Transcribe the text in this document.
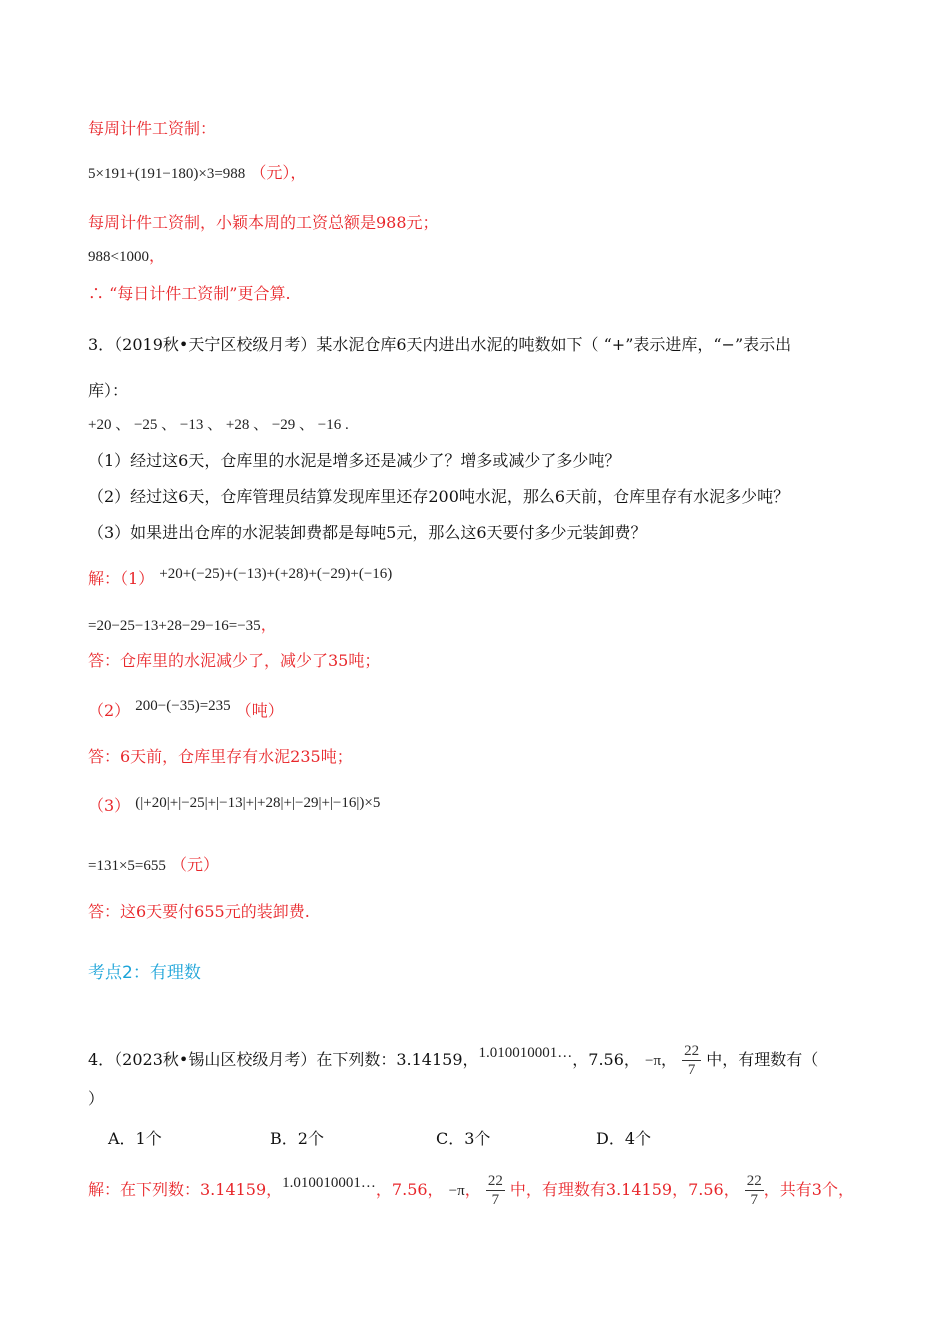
每周计件工资制：
5×191+(191−180)×3=988 （元），
每周计件工资制，小颖本周的工资总额是988元；
988<1000，
∴ “每日计件工资制”更合算.
3．（2019秋•天宁区校级月考）某水泥仓库6天内进出水泥的吨数如下（ “+”表示进库，“−”表示出
库）：
+20 、 −25 、 −13 、 +28 、 −29 、 −16 .
（1）经过这6天，仓库里的水泥是增多还是减少了？增多或减少了多少吨？
（2）经过这6天，仓库管理员结算发现库里还存200吨水泥，那么6天前，仓库里存有水泥多少吨？
（3）如果进出仓库的水泥装卸费都是每吨5元，那么这6天要付多少元装卸费？
解：（1） +20+(−25)+(−13)+(+28)+(−29)+(−16)
=20−25−13+28−29−16=−35，
答：仓库里的水泥减少了，减少了35吨；
（2） 200−(−35)=235 （吨）
答：6天前，仓库里存有水泥235吨；
（3） (|+20|+|−25|+|−13|+|+28|+|−29|+|−16|)×5
=131×5=655 （元）
答：这6天要付655元的装卸费.
考点2：有理数
4．（2023秋•锡山区校级月考）在下列数：3.14159，1.010010001…，7.56， −π， $\frac{22}{7}$ 中，有理数有（
）
A．1个	B．2个	C．3个	D．4个
解：在下列数：3.14159，1.010010001…，7.56， −π， $\frac{22}{7}$ 中，有理数有3.14159，7.56， $\frac{22}{7}$ ，共有3个，
